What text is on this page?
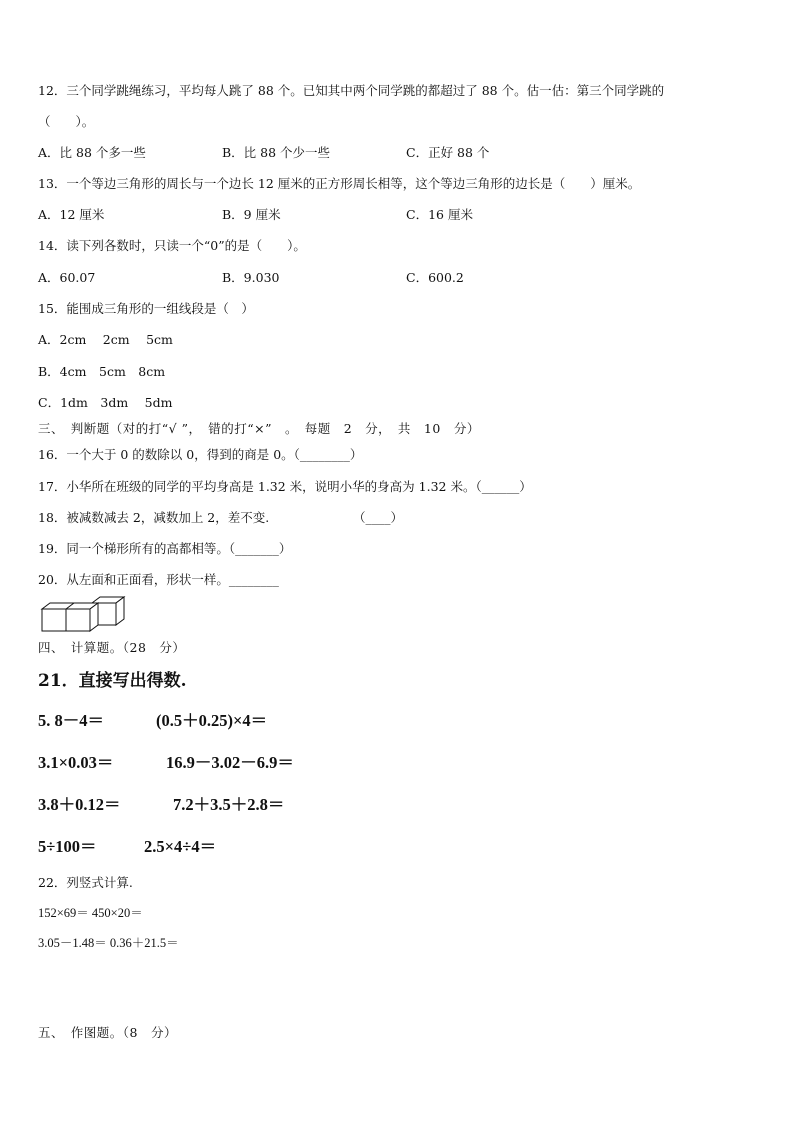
12．三个同学跳绳练习，平均每人跳了 88 个。已知其中两个同学跳的都超过了 88 个。估一估：第三个同学跳的
（　　）。
A．比 88 个多一些	B．比 88 个少一些	C．正好 88 个
13．一个等边三角形的周长与一个边长 12 厘米的正方形周长相等，这个等边三角形的边长是（　　）厘米。
A．12 厘米	B．9 厘米	C．16 厘米
14．读下列各数时，只读一个“0”的是（　　）。
A．60.07	B．9.030	C．600.2
15．能围成三角形的一组线段是（　）
A．2cm　 2cm　 5cm
B．4cm　5cm　8cm
C．1dm　3dm　 5dm
三、　判断题（对的打“√ ”，　错的打“×”　。　每题　2　分，　共　10　分）
16．一个大于 0 的数除以 0，得到的商是 0。（________）
17．小华所在班级的同学的平均身高是 1.32 米，说明小华的身高为 1.32 米。（______）
18．被减数减去 2，减数加上 2，差不变.	（____）
19．同一个梯形所有的高都相等。（_______）
20．从左面和正面看，形状一样。________
四、　计算题。（28　分）
21．直接写出得数.
5. 8－4＝	(0.5＋0.25)×4＝
3.1×0.03＝	16.9－3.02－6.9＝
3.8＋0.12＝	7.2＋3.5＋2.8＝
5÷100＝	2.5×4÷4＝
22．列竖式计算.
152×69＝ 450×20＝
3.05－1.48＝ 0.36＋21.5＝
五、　作图题。（8　分）
